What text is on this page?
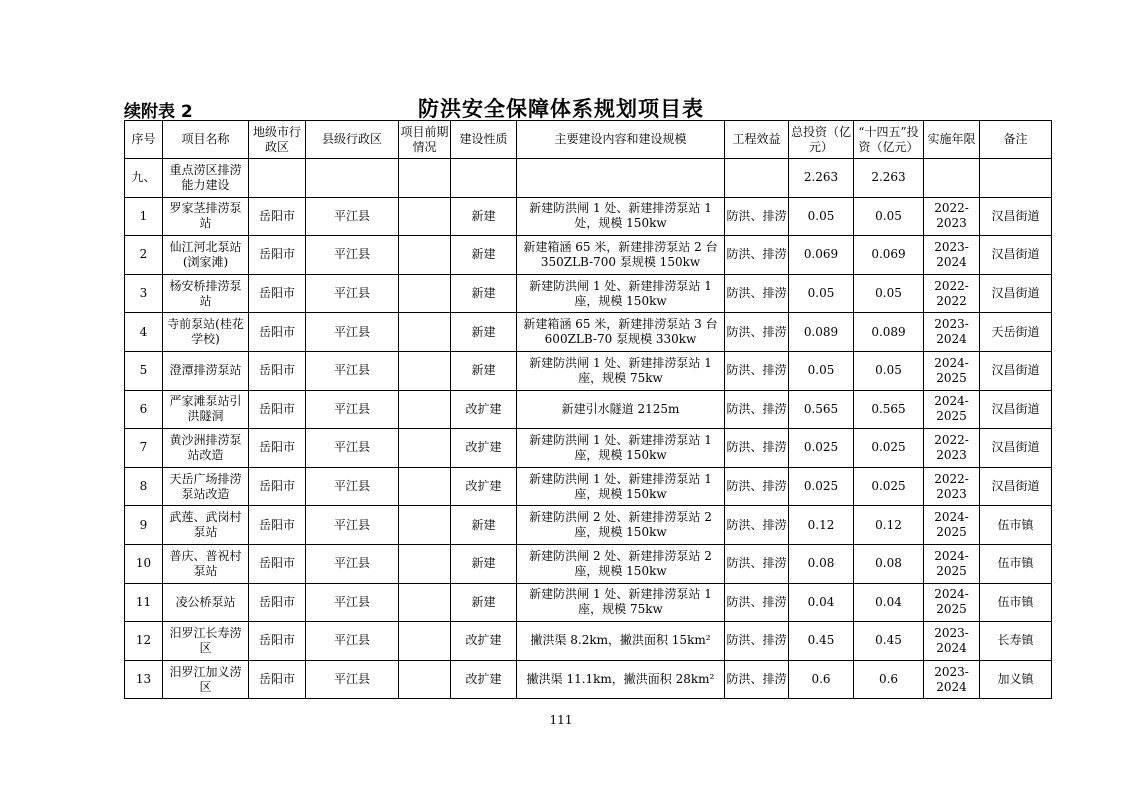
续附表 2	防洪安全保障体系规划项目表
序号	项目名称	地级市行政区	县级行政区	项目前期情况	建设性质	主要建设内容和建设规模	工程效益	总投资（亿元）	“十四五”投资（亿元）	实施年限	备注
九、	重点涝区排涝能力建设							2.263	2.263		
1	罗家茎排涝泵站	岳阳市	平江县		新建	新建防洪闸 1 处、新建排涝泵站 1 处，规模 150kw	防洪、排涝	0.05	0.05	2022-2023	汉昌街道
2	仙江河北泵站(浏家滩)	岳阳市	平江县		新建	新建箱涵 65 米，新建排涝泵站 2 台 350ZLB-700 泵规模 150kw	防洪、排涝	0.069	0.069	2023-2024	汉昌街道
3	杨安桥排涝泵站	岳阳市	平江县		新建	新建防洪闸 1 处、新建排涝泵站 1 座，规模 150kw	防洪、排涝	0.05	0.05	2022-2022	汉昌街道
4	寺前泵站(桂花学校)	岳阳市	平江县		新建	新建箱涵 65 米，新建排涝泵站 3 台 600ZLB-70 泵规模 330kw	防洪、排涝	0.089	0.089	2023-2024	天岳街道
5	澄潭排涝泵站	岳阳市	平江县		新建	新建防洪闸 1 处、新建排涝泵站 1 座，规模 75kw	防洪、排涝	0.05	0.05	2024-2025	汉昌街道
6	严家滩泵站引洪隧洞	岳阳市	平江县		改扩建	新建引水隧道 2125m	防洪、排涝	0.565	0.565	2024-2025	汉昌街道
7	黄沙洲排涝泵站改造	岳阳市	平江县		改扩建	新建防洪闸 1 处、新建排涝泵站 1 座，规模 150kw	防洪、排涝	0.025	0.025	2022-2023	汉昌街道
8	天岳广场排涝泵站改造	岳阳市	平江县		改扩建	新建防洪闸 1 处、新建排涝泵站 1 座，规模 150kw	防洪、排涝	0.025	0.025	2022-2023	汉昌街道
9	武莲、武岗村泵站	岳阳市	平江县		新建	新建防洪闸 2 处、新建排涝泵站 2 座，规模 150kw	防洪、排涝	0.12	0.12	2024-2025	伍市镇
10	普庆、普祝村泵站	岳阳市	平江县		新建	新建防洪闸 2 处、新建排涝泵站 2 座，规模 150kw	防洪、排涝	0.08	0.08	2024-2025	伍市镇
11	凌公桥泵站	岳阳市	平江县		新建	新建防洪闸 1 处、新建排涝泵站 1 座，规模 75kw	防洪、排涝	0.04	0.04	2024-2025	伍市镇
12	汨罗江长寿涝区	岳阳市	平江县		改扩建	撇洪渠 8.2km，撇洪面积 15km²	防洪、排涝	0.45	0.45	2023-2024	长寿镇
13	汨罗江加义涝区	岳阳市	平江县		改扩建	撇洪渠 11.1km，撇洪面积 28km²	防洪、排涝	0.6	0.6	2023-2024	加义镇
111
